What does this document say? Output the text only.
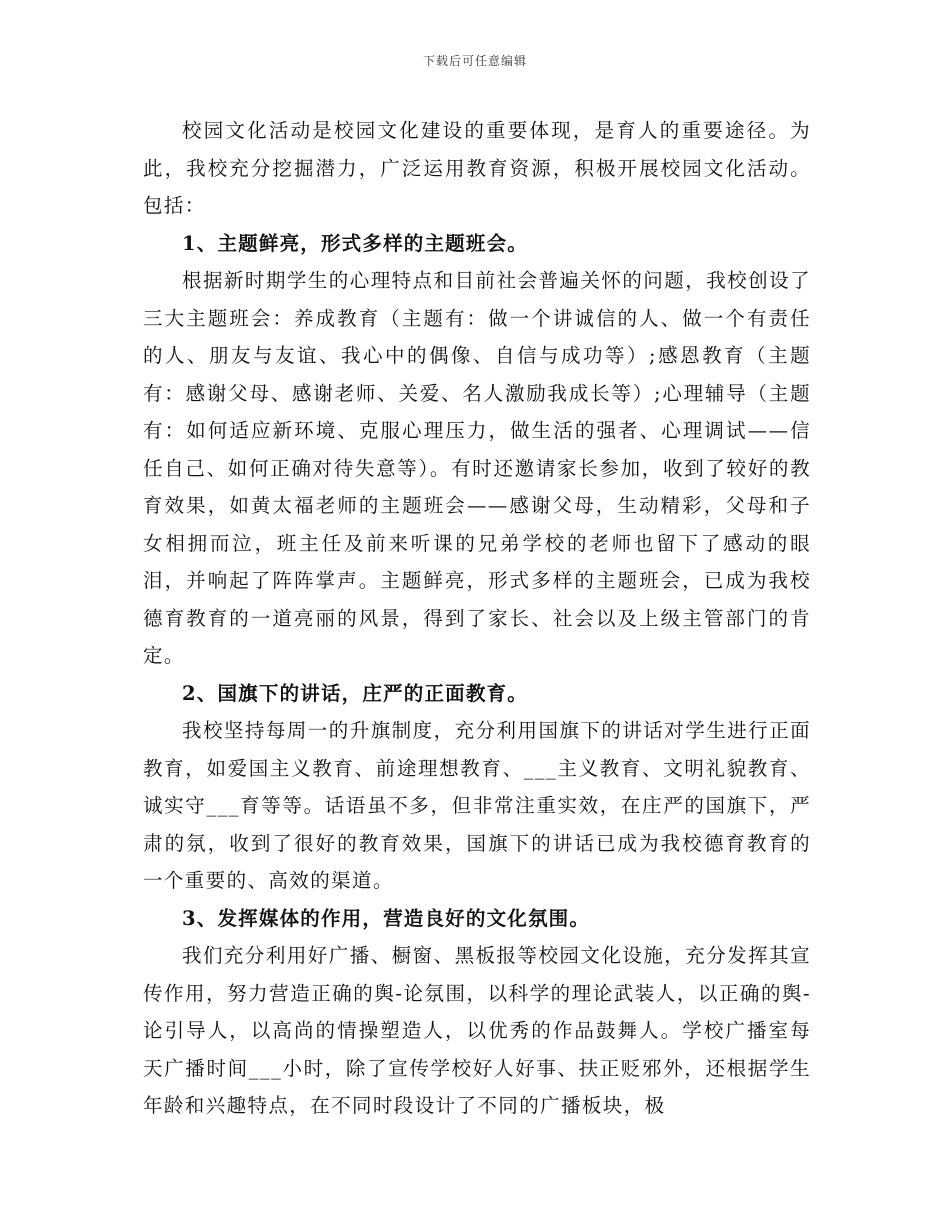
下载后可任意编辑

校园文化活动是校园文化建设的重要体现，是育人的重要途径。为此，我校充分挖掘潜力，广泛运用教育资源，积极开展校园文化活动。包括：

1、主题鲜亮，形式多样的主题班会。

根据新时期学生的心理特点和目前社会普遍关怀的问题，我校创设了三大主题班会：养成教育（主题有：做一个讲诚信的人、做一个有责任的人、朋友与友谊、我心中的偶像、自信与成功等）;感恩教育（主题有：感谢父母、感谢老师、关爱、名人激励我成长等）;心理辅导（主题有：如何适应新环境、克服心理压力，做生活的强者、心理调试——信任自己、如何正确对待失意等）。有时还邀请家长参加，收到了较好的教育效果，如黄太福老师的主题班会——感谢父母，生动精彩，父母和子女相拥而泣，班主任及前来听课的兄弟学校的老师也留下了感动的眼泪，并响起了阵阵掌声。主题鲜亮，形式多样的主题班会，已成为我校德育教育的一道亮丽的风景，得到了家长、社会以及上级主管部门的肯定。

2、国旗下的讲话，庄严的正面教育。

我校坚持每周一的升旗制度，充分利用国旗下的讲话对学生进行正面教育，如爱国主义教育、前途理想教育、___主义教育、文明礼貌教育、诚实守___育等等。话语虽不多，但非常注重实效，在庄严的国旗下，严肃的氛，收到了很好的教育效果，国旗下的讲话已成为我校德育教育的一个重要的、高效的渠道。

3、发挥媒体的作用，营造良好的文化氛围。

我们充分利用好广播、橱窗、黑板报等校园文化设施，充分发挥其宣传作用，努力营造正确的舆-论氛围，以科学的理论武装人，以正确的舆-论引导人，以高尚的情操塑造人，以优秀的作品鼓舞人。学校广播室每天广播时间___小时，除了宣传学校好人好事、扶正贬邪外，还根据学生年龄和兴趣特点，在不同时段设计了不同的广播板块，极
